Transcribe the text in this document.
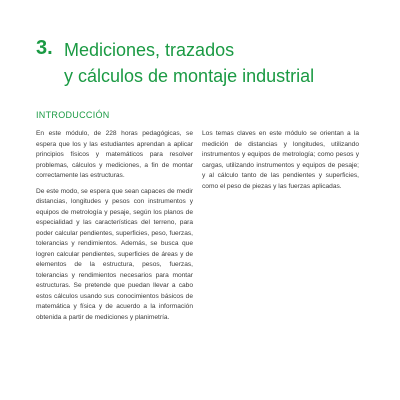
3. Mediciones, trazados
y cálculos de montaje industrial
INTRODUCCIÓN

En este módulo, de 228 horas pedagógicas, se espera que los y las estudiantes aprendan a aplicar principios físicos y matemáticos para resolver problemas, cálculos y mediciones, a fin de montar correctamente las estructuras.

De este modo, se espera que sean capaces de medir distancias, longitudes y pesos con instrumentos y equipos de metrología y pesaje, según los planos de especialidad y las características del terreno, para poder calcular pendientes, superficies, peso, fuerzas, tolerancias y rendimientos. Además, se busca que logren calcular pendientes, superficies de áreas y de elementos de la estructura, pesos, fuerzas, tolerancias y rendimientos necesarios para montar estructuras. Se pretende que puedan llevar a cabo estos cálculos usando sus conocimientos básicos de matemática y física y de acuerdo a la información obtenida a partir de mediciones y planimetría.

Los temas claves en este módulo se orientan a la medición de distancias y longitudes, utilizando instrumentos y equipos de metrología; como pesos y cargas, utilizando instrumentos y equipos de pesaje; y al cálculo tanto de las pendientes y superficies, como el peso de piezas y las fuerzas aplicadas.
